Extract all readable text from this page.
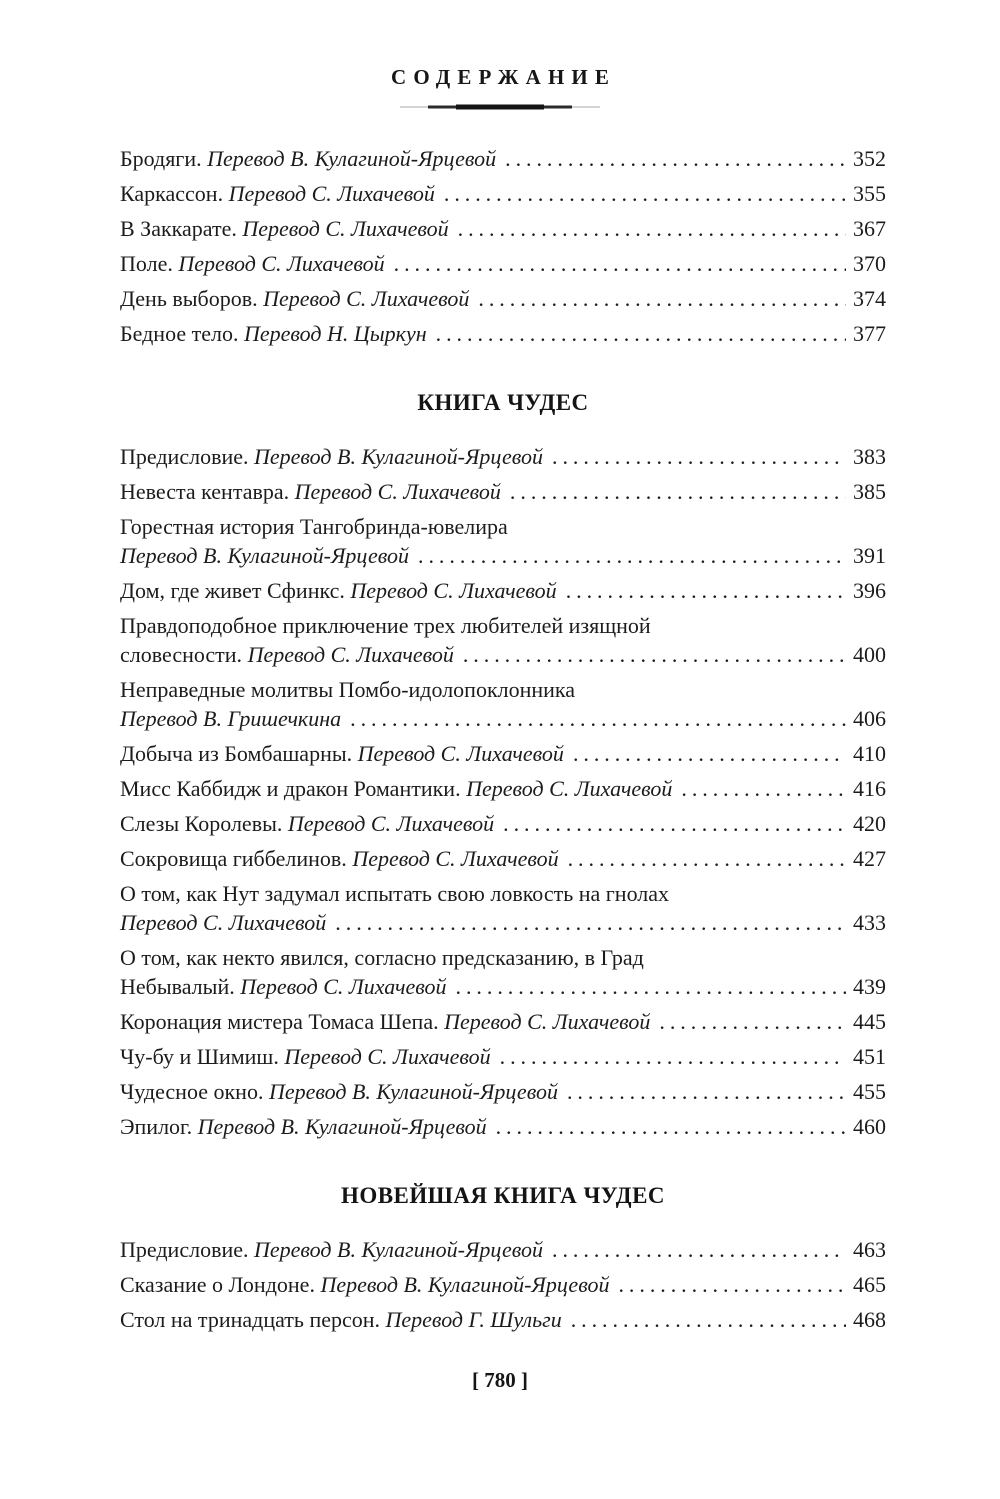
СОДЕРЖАНИЕ
Бродяги. Перевод В. Кулагиной-Ярцевой .....	352
Каркассон. Перевод С. Лихачевой .....	355
В Заккарате. Перевод С. Лихачевой .....	367
Поле. Перевод С. Лихачевой .....	370
День выборов. Перевод С. Лихачевой .....	374
Бедное тело. Перевод Н. Цыркун .....	377
КНИГА ЧУДЕС
Предисловие. Перевод В. Кулагиной-Ярцевой .....	383
Невеста кентавра. Перевод С. Лихачевой .....	385
Горестная история Тангобринда-ювелира
Перевод В. Кулагиной-Ярцевой .....	391
Дом, где живет Сфинкс. Перевод С. Лихачевой .....	396
Правдоподобное приключение трех любителей изящной
словесности. Перевод С. Лихачевой .....	400
Неправедные молитвы Помбо-идолопоклонника
Перевод В. Гришечкина .....	406
Добыча из Бомбашарны. Перевод С. Лихачевой .....	410
Мисс Каббидж и дракон Романтики. Перевод С. Лихачевой .....	416
Слезы Королевы. Перевод С. Лихачевой .....	420
Сокровища гиббелинов. Перевод С. Лихачевой .....	427
О том, как Нут задумал испытать свою ловкость на гнолах
Перевод С. Лихачевой .....	433
О том, как некто явился, согласно предсказанию, в Град
Небывалый. Перевод С. Лихачевой .....	439
Коронация мистера Томаса Шепа. Перевод С. Лихачевой .....	445
Чу-бу и Шимиш. Перевод С. Лихачевой .....	451
Чудесное окно. Перевод В. Кулагиной-Ярцевой .....	455
Эпилог. Перевод В. Кулагиной-Ярцевой .....	460
НОВЕЙШАЯ КНИГА ЧУДЕС
Предисловие. Перевод В. Кулагиной-Ярцевой .....	463
Сказание о Лондоне. Перевод В. Кулагиной-Ярцевой .....	465
Стол на тринадцать персон. Перевод Г. Шульги .....	468
[ 780 ]
